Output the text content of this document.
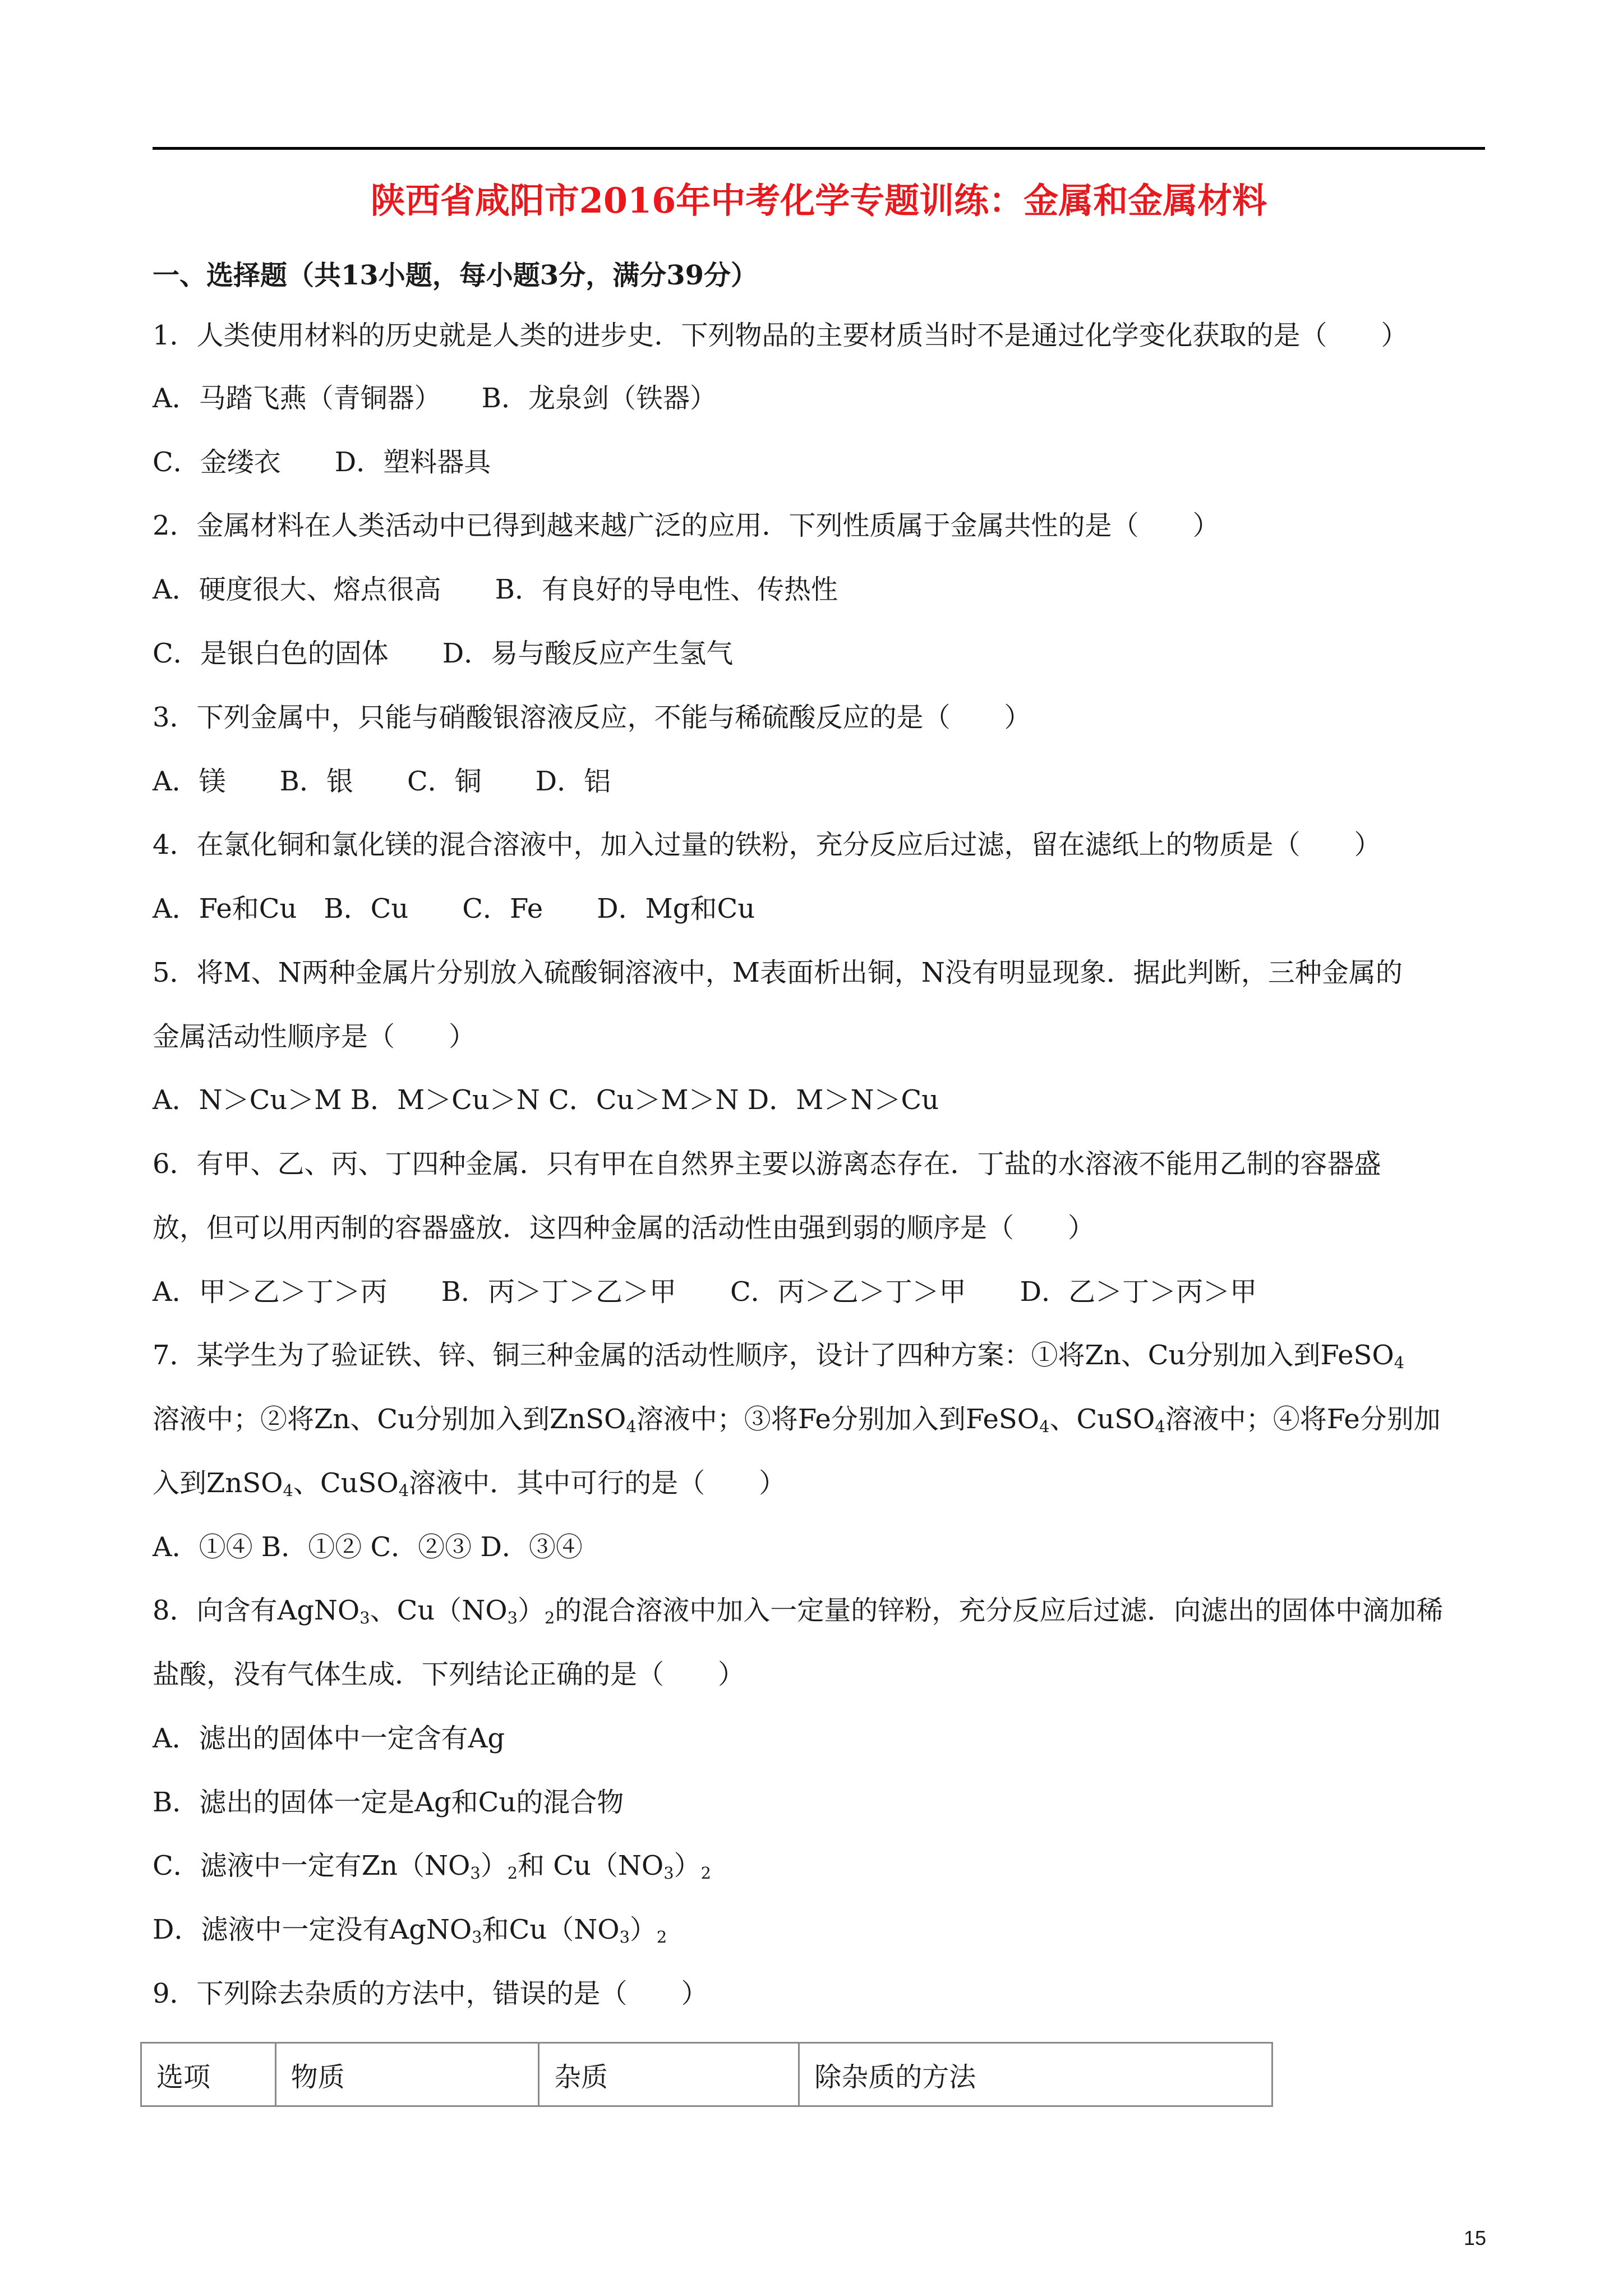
陕西省咸阳市2016年中考化学专题训练：金属和金属材料
一、选择题（共13小题，每小题3分，满分39分）
1．人类使用材料的历史就是人类的进步史．下列物品的主要材质当时不是通过化学变化获取的是（　　）
A．马踏飞燕（青铜器）　　B．龙泉剑（铁器）
C．金缕衣　　D．塑料器具
2．金属材料在人类活动中已得到越来越广泛的应用．下列性质属于金属共性的是（　　）
A．硬度很大、熔点很高　　B．有良好的导电性、传热性
C．是银白色的固体　　D．易与酸反应产生氢气
3．下列金属中，只能与硝酸银溶液反应，不能与稀硫酸反应的是（　　）
A．镁　　B．银　　C．铜　　D．铝
4．在氯化铜和氯化镁的混合溶液中，加入过量的铁粉，充分反应后过滤，留在滤纸上的物质是（　　）
A．Fe和Cu　B．Cu　　C．Fe　　D．Mg和Cu
5．将M、N两种金属片分别放入硫酸铜溶液中，M表面析出铜，N没有明显现象．据此判断，三种金属的
金属活动性顺序是（　　）
A．N＞Cu＞M B．M＞Cu＞N C．Cu＞M＞N D．M＞N＞Cu
6．有甲、乙、丙、丁四种金属．只有甲在自然界主要以游离态存在．丁盐的水溶液不能用乙制的容器盛
放，但可以用丙制的容器盛放．这四种金属的活动性由强到弱的顺序是（　　）
A．甲＞乙＞丁＞丙　　B．丙＞丁＞乙＞甲　　C．丙＞乙＞丁＞甲　　D．乙＞丁＞丙＞甲
7．某学生为了验证铁、锌、铜三种金属的活动性顺序，设计了四种方案：①将Zn、Cu分别加入到FeSO$_4$
溶液中；②将Zn、Cu分别加入到ZnSO$_4$溶液中；③将Fe分别加入到FeSO$_4$、CuSO$_4$溶液中；④将Fe分别加
入到ZnSO$_4$、CuSO$_4$溶液中．其中可行的是（　　）
A．①④ B．①② C．②③ D．③④
8．向含有AgNO$_3$、$Cu(NO_3)_2$的混合溶液中加入一定量的锌粉，充分反应后过滤．向滤出的固体中滴加稀
盐酸，没有气体生成．下列结论正确的是（　　）
A．滤出的固体中一定含有Ag
B．滤出的固体一定是Ag和Cu的混合物
C．滤液中一定有$Zn(NO_3)_2$和 $Cu(NO_3)_2$
D．滤液中一定没有AgNO$_3$和$Cu(NO_3)_2$
9．下列除去杂质的方法中，错误的是（　　）
选项	物质	杂质	除杂质的方法
15
